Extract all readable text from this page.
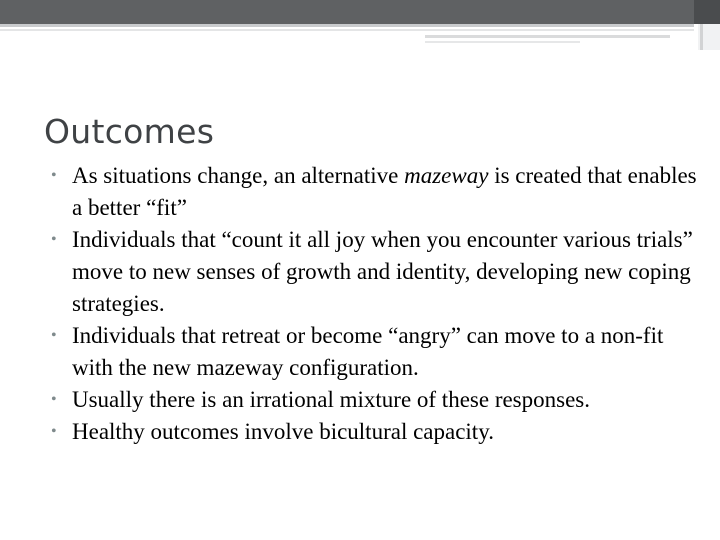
Outcomes
• As situations change, an alternative mazeway is created that enables a better “fit”
• Individuals that “count it all joy when you encounter various trials” move to new senses of growth and identity, developing new coping strategies.
• Individuals that retreat or become “angry” can move to a non-fit with the new mazeway configuration.
• Usually there is an irrational mixture of these responses.
• Healthy outcomes involve bicultural capacity.
